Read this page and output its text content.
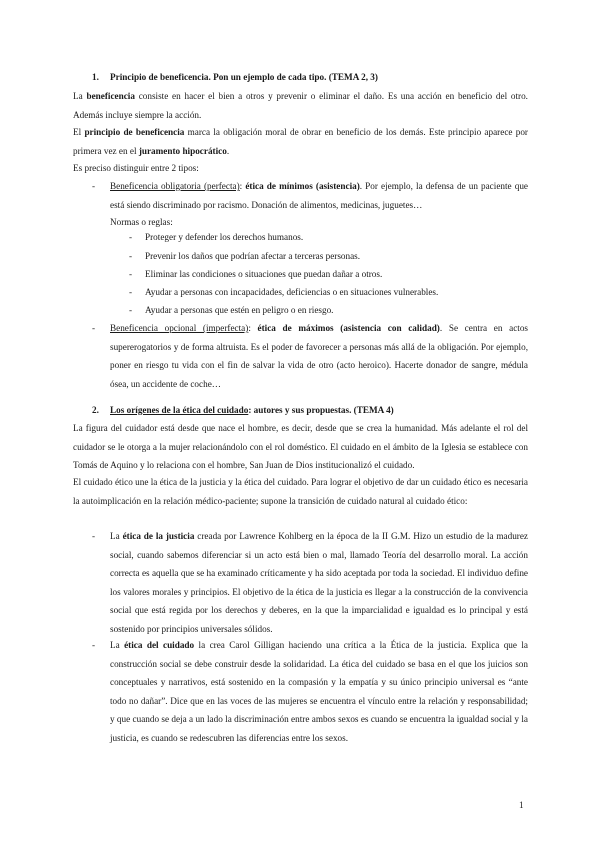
1. Principio de beneficencia. Pon un ejemplo de cada tipo. (TEMA 2, 3)
La beneficencia consiste en hacer el bien a otros y prevenir o eliminar el daño. Es una acción en beneficio del otro. Además incluye siempre la acción.
El principio de beneficencia marca la obligación moral de obrar en beneficio de los demás. Este principio aparece por primera vez en el juramento hipocrático.
Es preciso distinguir entre 2 tipos:
- Beneficencia obligatoria (perfecta): ética de mínimos (asistencia). Por ejemplo, la defensa de un paciente que está siendo discriminado por racismo. Donación de alimentos, medicinas, juguetes…
Normas o reglas:
- Proteger y defender los derechos humanos.
- Prevenir los daños que podrían afectar a terceras personas.
- Eliminar las condiciones o situaciones que puedan dañar a otros.
- Ayudar a personas con incapacidades, deficiencias o en situaciones vulnerables.
- Ayudar a personas que estén en peligro o en riesgo.
- Beneficencia opcional (imperfecta): ética de máximos (asistencia con calidad). Se centra en actos supererogatorios y de forma altruista. Es el poder de favorecer a personas más allá de la obligación. Por ejemplo, poner en riesgo tu vida con el fin de salvar la vida de otro (acto heroico). Hacerte donador de sangre, médula ósea, un accidente de coche…
2. Los orígenes de la ética del cuidado: autores y sus propuestas. (TEMA 4)
La figura del cuidador está desde que nace el hombre, es decir, desde que se crea la humanidad. Más adelante el rol del cuidador se le otorga a la mujer relacionándolo con el rol doméstico. El cuidado en el ámbito de la Iglesia se establece con Tomás de Aquino y lo relaciona con el hombre, San Juan de Dios institucionalizó el cuidado.
El cuidado ético une la ética de la justicia y la ética del cuidado. Para lograr el objetivo de dar un cuidado ético es necesaria la autoimplicación en la relación médico-paciente; supone la transición de cuidado natural al cuidado ético:
- La ética de la justicia creada por Lawrence Kohlberg en la época de la II G.M. Hizo un estudio de la madurez social, cuando sabemos diferenciar si un acto está bien o mal, llamado Teoría del desarrollo moral. La acción correcta es aquella que se ha examinado críticamente y ha sido aceptada por toda la sociedad. El individuo define los valores morales y principios. El objetivo de la ética de la justicia es llegar a la construcción de la convivencia social que está regida por los derechos y deberes, en la que la imparcialidad e igualdad es lo principal y está sostenido por principios universales sólidos.
- La ética del cuidado la crea Carol Gilligan haciendo una crítica a la Ética de la justicia. Explica que la construcción social se debe construir desde la solidaridad. La ética del cuidado se basa en el que los juicios son conceptuales y narrativos, está sostenido en la compasión y la empatía y su único principio universal es “ante todo no dañar”. Dice que en las voces de las mujeres se encuentra el vínculo entre la relación y responsabilidad; y que cuando se deja a un lado la discriminación entre ambos sexos es cuando se encuentra la igualdad social y la justicia, es cuando se redescubren las diferencias entre los sexos.
1
